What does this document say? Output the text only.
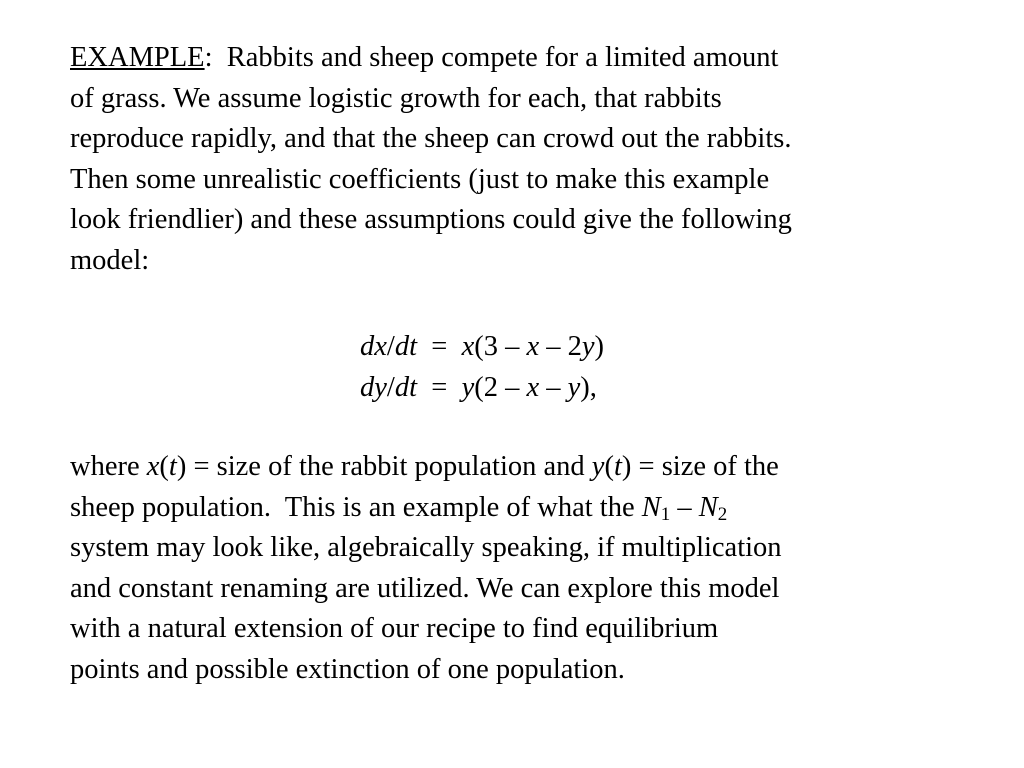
EXAMPLE:  Rabbits and sheep compete for a limited amount
of grass. We assume logistic growth for each, that rabbits
reproduce rapidly, and that the sheep can crowd out the rabbits.
Then some unrealistic coefficients (just to make this example
look friendlier) and these assumptions could give the following
model:
dx/dt  =  x(3 – x – 2y)
dy/dt  =  y(2 – x – y),
where x(t) = size of the rabbit population and y(t) = size of the
sheep population.  This is an example of what the $N_1 - N_2$
system may look like, algebraically speaking, if multiplication
and constant renaming are utilized. We can explore this model
with a natural extension of our recipe to find equilibrium
points and possible extinction of one population.
